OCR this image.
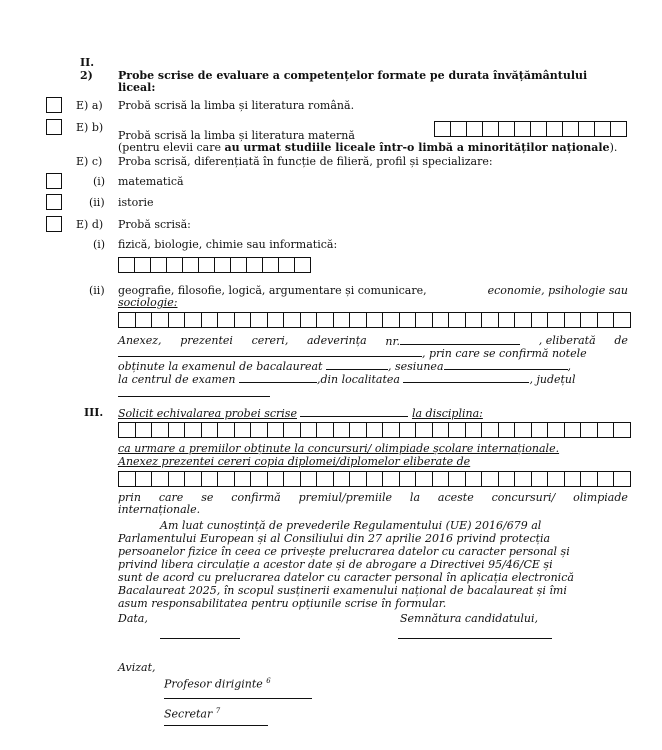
II.
2) Probe scrise de evaluare a competențelor formate pe durata învățământului
liceal:
E) a) Probă scrisă la limba și literatura română.
E) b)
Probă scrisă la limba și literatura maternă
(pentru elevii care au urmat studiile liceale într-o limbă a minorităților naționale).
E) c) Proba scrisă, diferențiată în funcție de filieră, profil și specializare:
(i) matematică
(ii) istorie
E) d) Probă scrisă:
(i) fizică, biologie, chimie sau informatică:
(ii) geografie, filosofie, logică, argumentare și comunicare,	economie, psihologie sau
sociologie:
Anexez, prezentei cereri, adeverința nr.	, eliberată de
, prin care se confirmă notele
obținute la examenul de bacalaureat	, sesiunea	,
la centrul de examen	,din localitatea	, județul
III. Solicit echivalarea probei scrise	la disciplina:
ca urmare a premiilor obținute la concursuri/ olimpiade școlare internaționale.
Anexez prezentei cereri copia diplomei/diplomelor eliberate de
prin care se confirmă premiul/premiile la aceste concursuri/ olimpiade
internaționale.
Am luat cunoștință de prevederile Regulamentului (UE) 2016/679 al
Parlamentului European și al Consiliului din 27 aprilie 2016 privind protecția
persoanelor fizice în ceea ce privește prelucrarea datelor cu caracter personal și
privind libera circulație a acestor date și de abrogare a Directivei 95/46/CE și
sunt de acord cu prelucrarea datelor cu caracter personal în aplicația electronică
Bacalaureat 2025, în scopul susținerii examenului național de bacalaureat și îmi
asum responsabilitatea pentru opțiunile scrise în formular.
Data,	Semnătura candidatului,
Avizat,
Profesor diriginte $^6$
Secretar $^7$
